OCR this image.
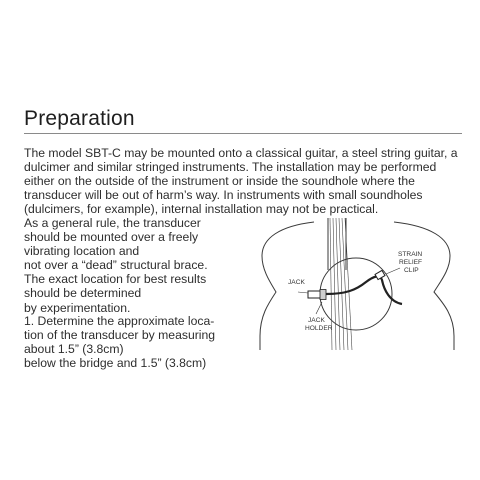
Preparation

The model SBT-C may be mounted onto a classical guitar, a steel string guitar, a dulcimer and similar stringed instruments. The installation may be performed either on the outside of the instrument or inside the soundhole where the transducer will be out of harm’s way. In instruments with small soundholes (dulcimers, for example), internal installation may not be practical.

As a general rule, the transducer
should be mounted over a freely
vibrating location and
not over a “dead” structural brace.
The exact location for best results
should be determined
by experimentation.

1. Determine the approximate loca-
tion of the transducer by measuring
about 1.5” (3.8cm)
below the bridge and 1.5” (3.8cm)

JACK
JACK
HOLDER
STRAIN
RELIEF
CLIP
